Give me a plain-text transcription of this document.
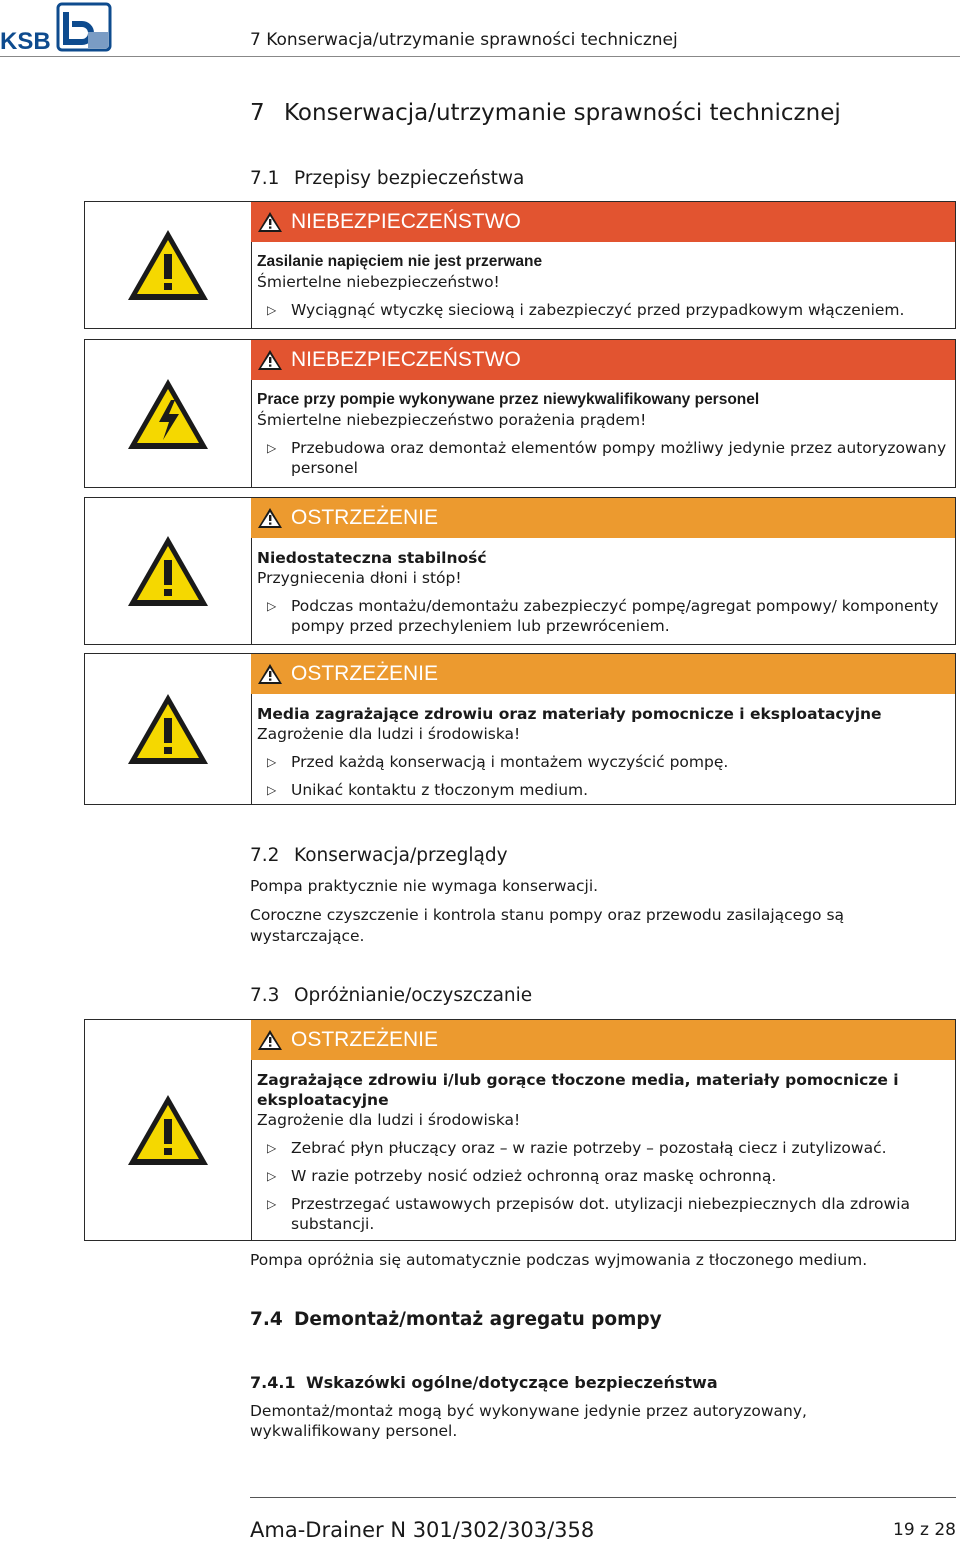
KSB	7 Konserwacja/utrzymanie sprawności technicznej
7 Konserwacja/utrzymanie sprawności technicznej
7.1 Przepisy bezpieczeństwa
NIEBEZPIECZEŃSTWO
Zasilanie napięciem nie jest przerwane
Śmiertelne niebezpieczeństwo!
▷ Wyciągnąć wtyczkę sieciową i zabezpieczyć przed przypadkowym włączeniem.
NIEBEZPIECZEŃSTWO
Prace przy pompie wykonywane przez niewykwalifikowany personel
Śmiertelne niebezpieczeństwo porażenia prądem!
▷ Przebudowa oraz demontaż elementów pompy możliwy jedynie przez autoryzowany personel
OSTRZEŻENIE
Niedostateczna stabilność
Przygniecenia dłoni i stóp!
▷ Podczas montażu/demontażu zabezpieczyć pompę/agregat pompowy/ komponenty pompy przed przechyleniem lub przewróceniem.
OSTRZEŻENIE
Media zagrażające zdrowiu oraz materiały pomocnicze i eksploatacyjne
Zagrożenie dla ludzi i środowiska!
▷ Przed każdą konserwacją i montażem wyczyścić pompę.
▷ Unikać kontaktu z tłoczonym medium.
7.2 Konserwacja/przeglądy
Pompa praktycznie nie wymaga konserwacji.
Coroczne czyszczenie i kontrola stanu pompy oraz przewodu zasilającego są
wystarczające.
7.3 Opróżnianie/oczyszczanie
OSTRZEŻENIE
Zagrażające zdrowiu i/lub gorące tłoczone media, materiały pomocnicze i eksploatacyjne
Zagrożenie dla ludzi i środowiska!
▷ Zebrać płyn płuczący oraz – w razie potrzeby – pozostałą ciecz i zutylizować.
▷ W razie potrzeby nosić odzież ochronną oraz maskę ochronną.
▷ Przestrzegać ustawowych przepisów dot. utylizacji niebezpiecznych dla zdrowia substancji.
Pompa opróżnia się automatycznie podczas wyjmowania z tłoczonego medium.
7.4 Demontaż/montaż agregatu pompy
7.4.1 Wskazówki ogólne/dotyczące bezpieczeństwa
Demontaż/montaż mogą być wykonywane jedynie przez autoryzowany,
wykwalifikowany personel.
Ama-Drainer N 301/302/303/358	19 z 28
